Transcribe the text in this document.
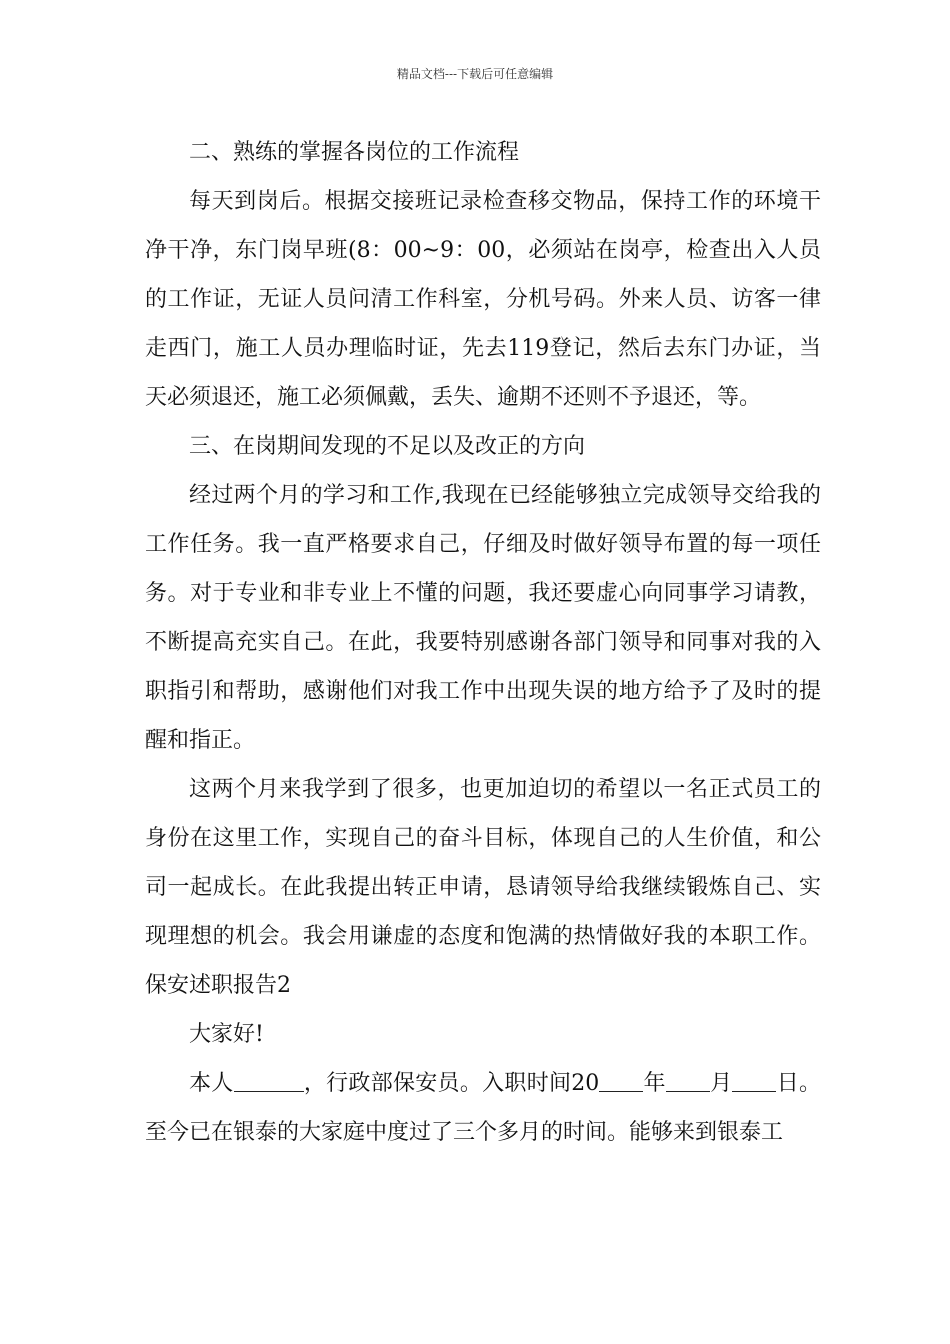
精品文档---下载后可任意编辑

二、熟练的掌握各岗位的工作流程

每天到岗后。根据交接班记录检查移交物品，保持工作的环境干净干净，东门岗早班(8：00~9：00，必须站在岗亭，检查出入人员的工作证，无证人员问清工作科室，分机号码。外来人员、访客一律走西门，施工人员办理临时证，先去119登记，然后去东门办证，当天必须退还，施工必须佩戴，丢失、逾期不还则不予退还，等。

三、在岗期间发现的不足以及改正的方向

经过两个月的学习和工作,我现在已经能够独立完成领导交给我的工作任务。我一直严格要求自己，仔细及时做好领导布置的每一项任务。对于专业和非专业上不懂的问题，我还要虚心向同事学习请教，不断提高充实自己。在此，我要特别感谢各部门领导和同事对我的入职指引和帮助，感谢他们对我工作中出现失误的地方给予了及时的提醒和指正。

这两个月来我学到了很多，也更加迫切的希望以一名正式员工的身份在这里工作，实现自己的奋斗目标，体现自己的人生价值，和公司一起成长。在此我提出转正申请，恳请领导给我继续锻炼自己、实现理想的机会。我会用谦虚的态度和饱满的热情做好我的本职工作。保安述职报告2

大家好!

本人	，行政部保安员。入职时间20 年 月 日。至今已在银泰的大家庭中度过了三个多月的时间。能够来到银泰工
